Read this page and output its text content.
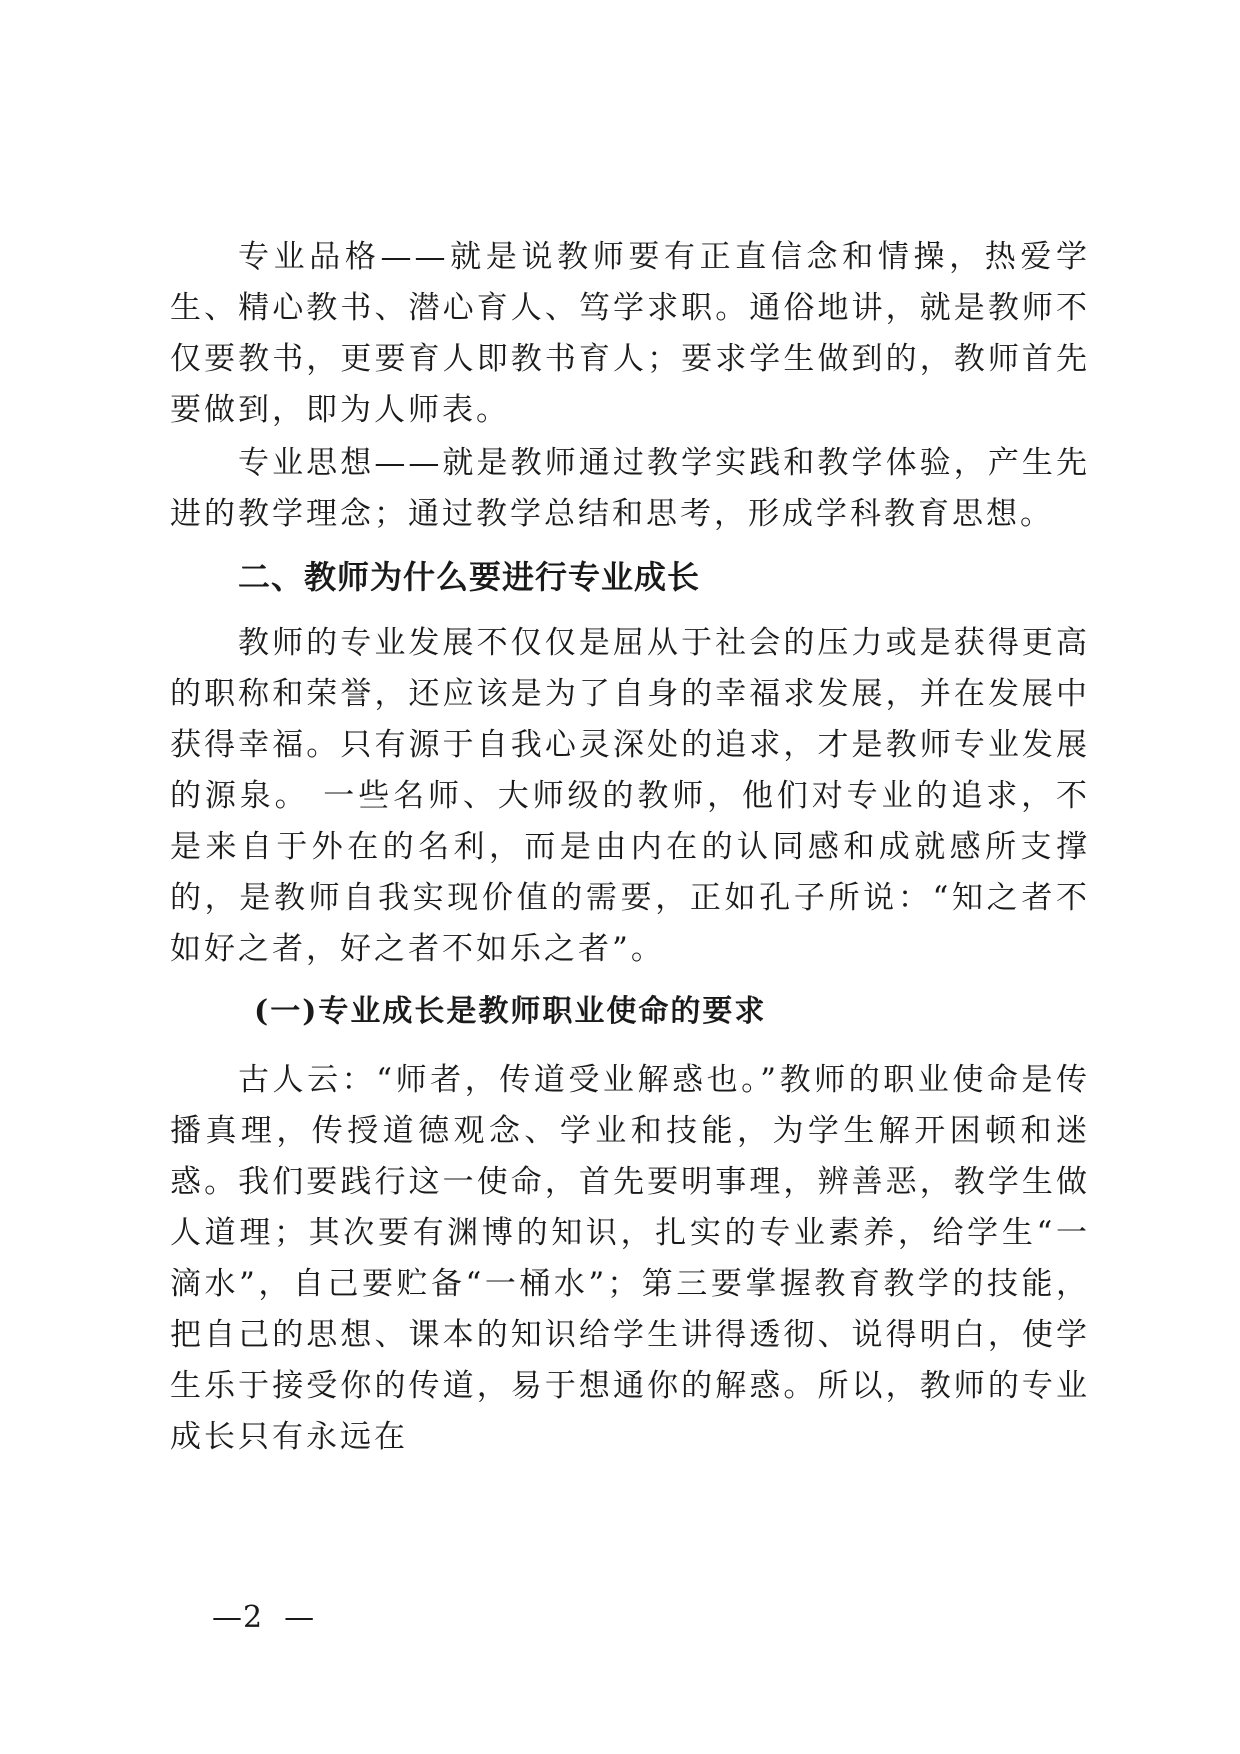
专业品格——就是说教师要有正直信念和情操，热爱学生、精心教书、潜心育人、笃学求职。通俗地讲，就是教师不仅要教书，更要育人即教书育人；要求学生做到的，教师首先要做到，即为人师表。

专业思想——就是教师通过教学实践和教学体验，产生先进的教学理念；通过教学总结和思考，形成学科教育思想。

二、教师为什么要进行专业成长

教师的专业发展不仅仅是屈从于社会的压力或是获得更高的职称和荣誉，还应该是为了自身的幸福求发展，并在发展中获得幸福。只有源于自我心灵深处的追求，才是教师专业发展的源泉。 一些名师、大师级的教师，他们对专业的追求，不是来自于外在的名利，而是由内在的认同感和成就感所支撑的，是教师自我实现价值的需要，正如孔子所说：“知之者不如好之者，好之者不如乐之者”。

(一)专业成长是教师职业使命的要求

古人云：“师者，传道受业解惑也。”教师的职业使命是传播真理，传授道德观念、学业和技能，为学生解开困顿和迷惑。我们要践行这一使命，首先要明事理，辨善恶，教学生做人道理；其次要有渊博的知识，扎实的专业素养，给学生“一滴水”，自己要贮备“一桶水”；第三要掌握教育教学的技能，把自己的思想、课本的知识给学生讲得透彻、说得明白，使学生乐于接受你的传道，易于想通你的解惑。所以，教师的专业成长只有永远在

—2  —
